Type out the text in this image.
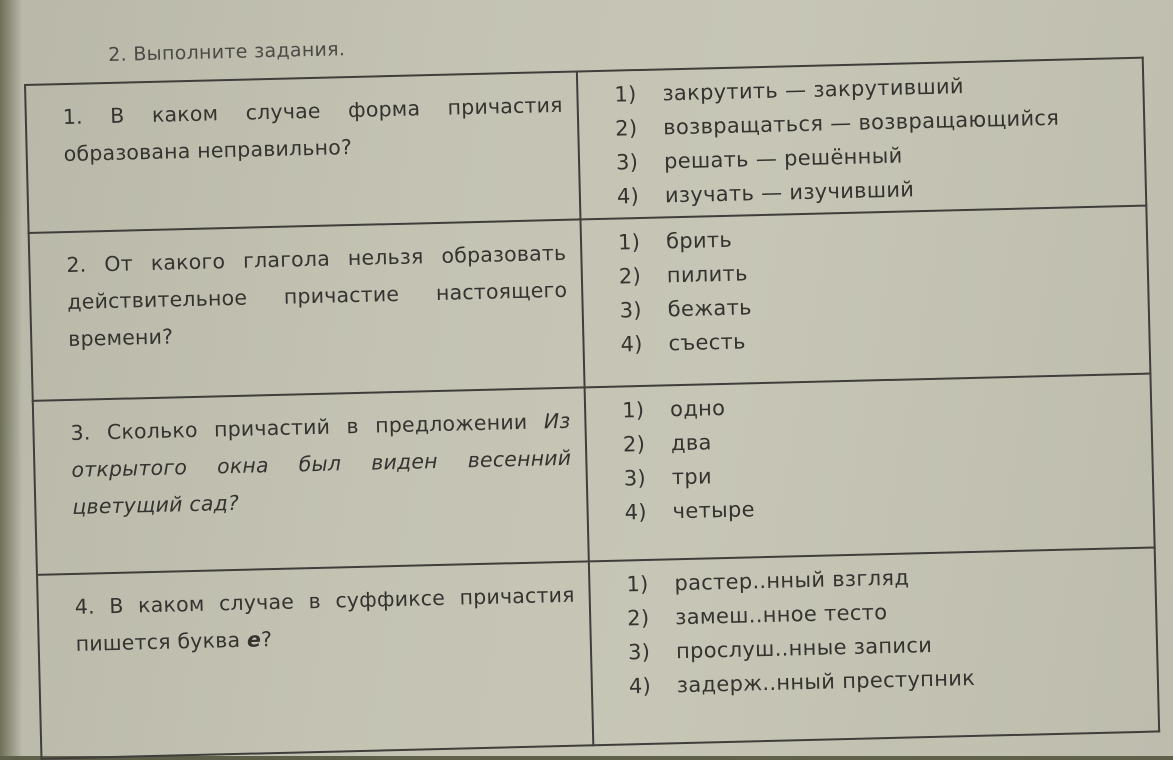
2. Выполните задания.
1. В каком случае форма причастия образована неправильно?	1) закрутить — закрутивший
2) возвращаться — возвращающийся
3) решать — решённый
4) изучать — изучивший

2. От какого глагола нельзя образовать действительное причастие настоящего времени?	1) брить
2) пилить
3) бежать
4) съесть

3. Сколько причастий в предложении Из открытого окна был виден весенний цветущий сад?	1) одно
2) два
3) три
4) четыре

4. В каком случае в суффиксе причастия пишется буква е?	1) растер..нный взгляд
2) замеш..нное тесто
3) прослуш..нные записи
4) задерж..нный преступник
